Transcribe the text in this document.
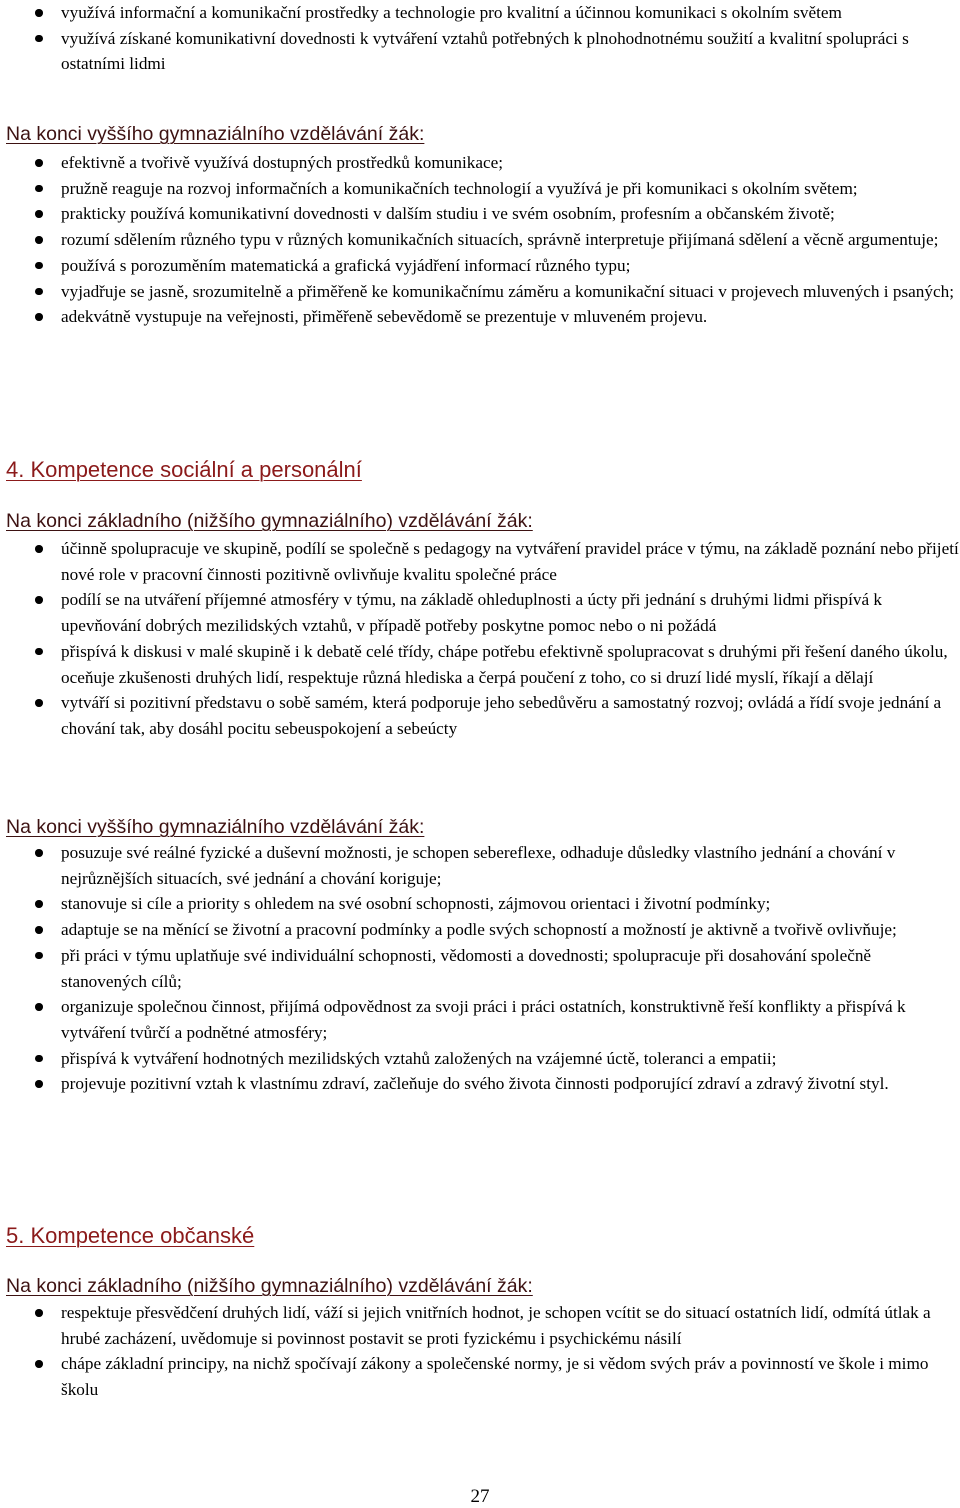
využívá informační a komunikační prostředky a technologie pro kvalitní a účinnou komunikaci s okolním světem
využívá získané komunikativní dovednosti k vytváření vztahů potřebných k plnohodnotnému soužití a kvalitní spolupráci s ostatními lidmi
Na konci vyššího gymnaziálního vzdělávání žák:
efektivně a tvořivě využívá dostupných prostředků komunikace;
pružně reaguje na rozvoj informačních a komunikačních technologií a využívá je při komunikaci s okolním světem;
prakticky používá komunikativní dovednosti v dalším studiu i ve svém osobním, profesním a občanském životě;
rozumí sdělením různého typu v různých komunikačních situacích, správně interpretuje přijímaná sdělení a věcně argumentuje;
používá s porozuměním matematická a grafická vyjádření informací různého typu;
vyjadřuje se jasně, srozumitelně a přiměřeně ke komunikačnímu záměru a komunikační situaci v projevech mluvených i psaných;
adekvátně vystupuje na veřejnosti, přiměřeně sebevědomě se prezentuje v mluveném projevu.
4. Kompetence sociální a personální
Na konci základního (nižšího gymnaziálního) vzdělávání žák:
účinně spolupracuje ve skupině, podílí se společně s pedagogy na vytváření pravidel práce v týmu, na základě poznání nebo přijetí nové role v pracovní činnosti pozitivně ovlivňuje kvalitu společné práce
podílí se na utváření příjemné atmosféry v týmu, na základě ohleduplnosti a úcty při jednání s druhými lidmi přispívá k upevňování dobrých mezilidských vztahů, v případě potřeby poskytne pomoc nebo o ni požádá
přispívá k diskusi v malé skupině i k debatě celé třídy, chápe potřebu efektivně spolupracovat s druhými při řešení daného úkolu, oceňuje zkušenosti druhých lidí, respektuje různá hlediska a čerpá poučení z toho, co si druzí lidé myslí, říkají a dělají
vytváří si pozitivní představu o sobě samém, která podporuje jeho sebedůvěru a samostatný rozvoj; ovládá a řídí svoje jednání a chování tak, aby dosáhl pocitu sebeuspokojení a sebeúcty
Na konci vyššího gymnaziálního vzdělávání žák:
posuzuje své reálné fyzické a duševní možnosti, je schopen sebereflexe, odhaduje důsledky vlastního jednání a chování v nejrůznějších situacích, své jednání a chování koriguje;
stanovuje si cíle a priority s ohledem na své osobní schopnosti, zájmovou orientaci i životní podmínky;
adaptuje se na měnící se životní a pracovní podmínky a podle svých schopností a možností je aktivně a tvořivě ovlivňuje;
při práci v týmu uplatňuje své individuální schopnosti, vědomosti a dovednosti; spolupracuje při dosahování společně stanovených cílů;
organizuje společnou činnost, přijímá odpovědnost za svoji práci i práci ostatních, konstruktivně řeší konflikty a přispívá k vytváření tvůrčí a podnětné atmosféry;
přispívá k vytváření hodnotných mezilidských vztahů založených na vzájemné úctě, toleranci a empatii;
projevuje pozitivní vztah k vlastnímu zdraví, začleňuje do svého života činnosti podporující zdraví a zdravý životní styl.
5. Kompetence občanské
Na konci základního (nižšího gymnaziálního) vzdělávání žák:
respektuje přesvědčení druhých lidí, váží si jejich vnitřních hodnot, je schopen vcítit se do situací ostatních lidí, odmítá útlak a hrubé zacházení, uvědomuje si povinnost postavit se proti fyzickému i psychickému násilí
chápe základní principy, na nichž spočívají zákony a společenské normy, je si vědom svých práv a povinností ve škole i mimo školu
27
